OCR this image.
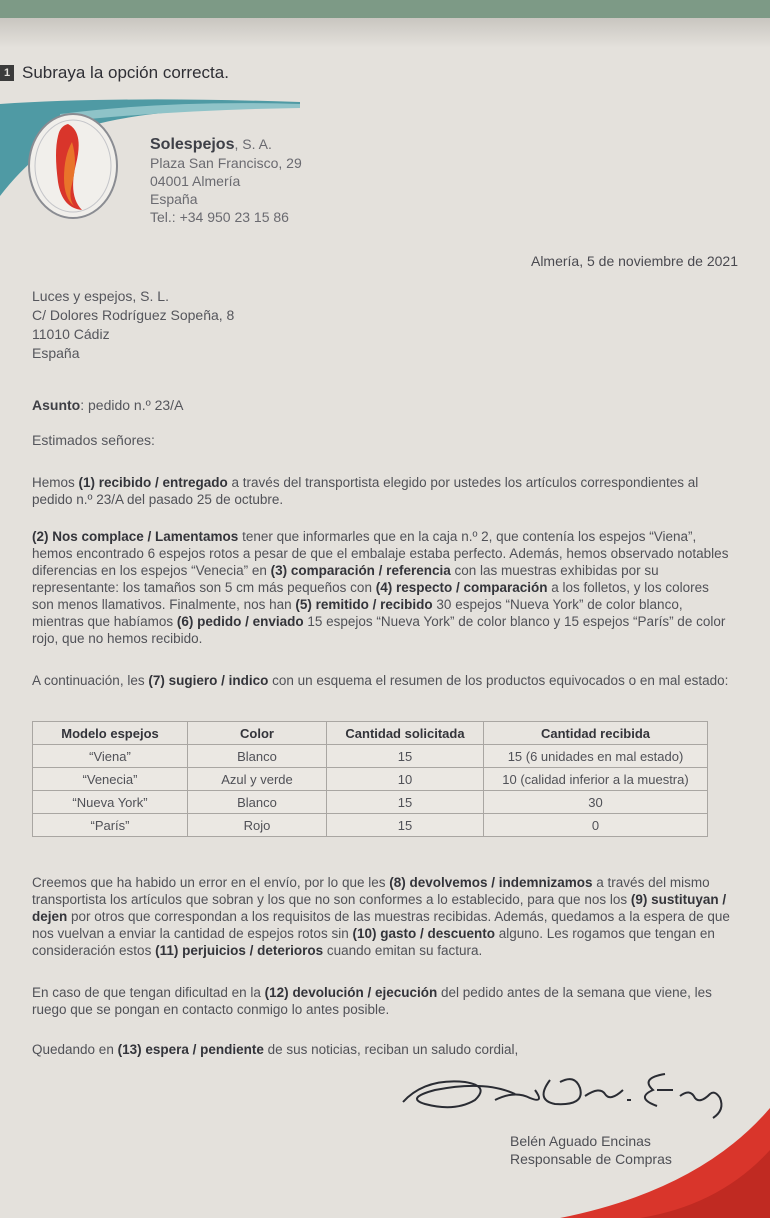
1 Subraya la opción correcta.
Solespejos, S. A.
Plaza San Francisco, 29
04001 Almería
España
Tel.: +34 950 23 15 86
Almería, 5 de noviembre de 2021
Luces y espejos, S. L.
C/ Dolores Rodríguez Sopeña, 8
11010 Cádiz
España
Asunto: pedido n.º 23/A
Estimados señores:
Hemos (1) recibido / entregado a través del transportista elegido por ustedes los artículos correspondientes al pedido n.º 23/A del pasado 25 de octubre.
(2) Nos complace / Lamentamos tener que informarles que en la caja n.º 2, que contenía los espejos “Viena”, hemos encontrado 6 espejos rotos a pesar de que el embalaje estaba perfecto. Además, hemos observado notables diferencias en los espejos “Venecia” en (3) comparación / referencia con las muestras exhibidas por su representante: los tamaños son 5 cm más pequeños con (4) respecto / comparación a los folletos, y los colores son menos llamativos. Finalmente, nos han (5) remitido / recibido 30 espejos “Nueva York” de color blanco, mientras que habíamos (6) pedido / enviado 15 espejos “Nueva York” de color blanco y 15 espejos “París” de color rojo, que no hemos recibido.
A continuación, les (7) sugiero / indico con un esquema el resumen de los productos equivocados o en mal estado:
Modelo espejos	Color	Cantidad solicitada	Cantidad recibida
“Viena”	Blanco	15	15 (6 unidades en mal estado)
“Venecia”	Azul y verde	10	10 (calidad inferior a la muestra)
“Nueva York”	Blanco	15	30
“París”	Rojo	15	0
Creemos que ha habido un error en el envío, por lo que les (8) devolvemos / indemnizamos a través del mismo transportista los artículos que sobran y los que no son conformes a lo establecido, para que nos los (9) sustituyan / dejen por otros que correspondan a los requisitos de las muestras recibidas. Además, quedamos a la espera de que nos vuelvan a enviar la cantidad de espejos rotos sin (10) gasto / descuento alguno. Les rogamos que tengan en consideración estos (11) perjuicios / deterioros cuando emitan su factura.
En caso de que tengan dificultad en la (12) devolución / ejecución del pedido antes de la semana que viene, les ruego que se pongan en contacto conmigo lo antes posible.
Quedando en (13) espera / pendiente de sus noticias, reciban un saludo cordial,
Belén Aguado Encinas
Responsable de Compras
